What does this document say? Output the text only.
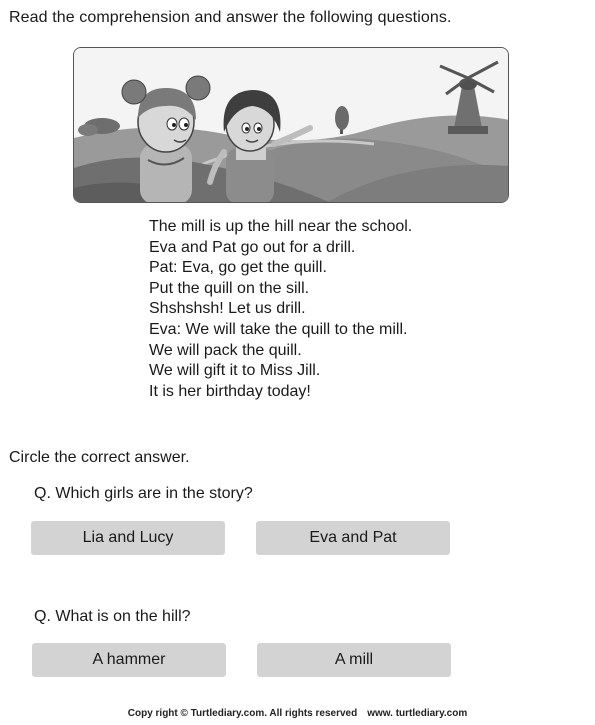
Read the comprehension and answer the following questions.
The mill is up the hill near the school.
Eva and Pat go out for a drill.
Pat: Eva, go get the quill.
Put the quill on the sill.
Shshshsh! Let us drill.
Eva: We will take the quill to the mill.
We will pack the quill.
We will gift it to Miss Jill.
It is her birthday today!
Circle the correct answer.
Q. Which girls are in the story?
Lia and Lucy	Eva and Pat
Q. What is on the hill?
A hammer	A mill
Copy right © Turtlediary.com. All rights reserved www. turtlediary.com
